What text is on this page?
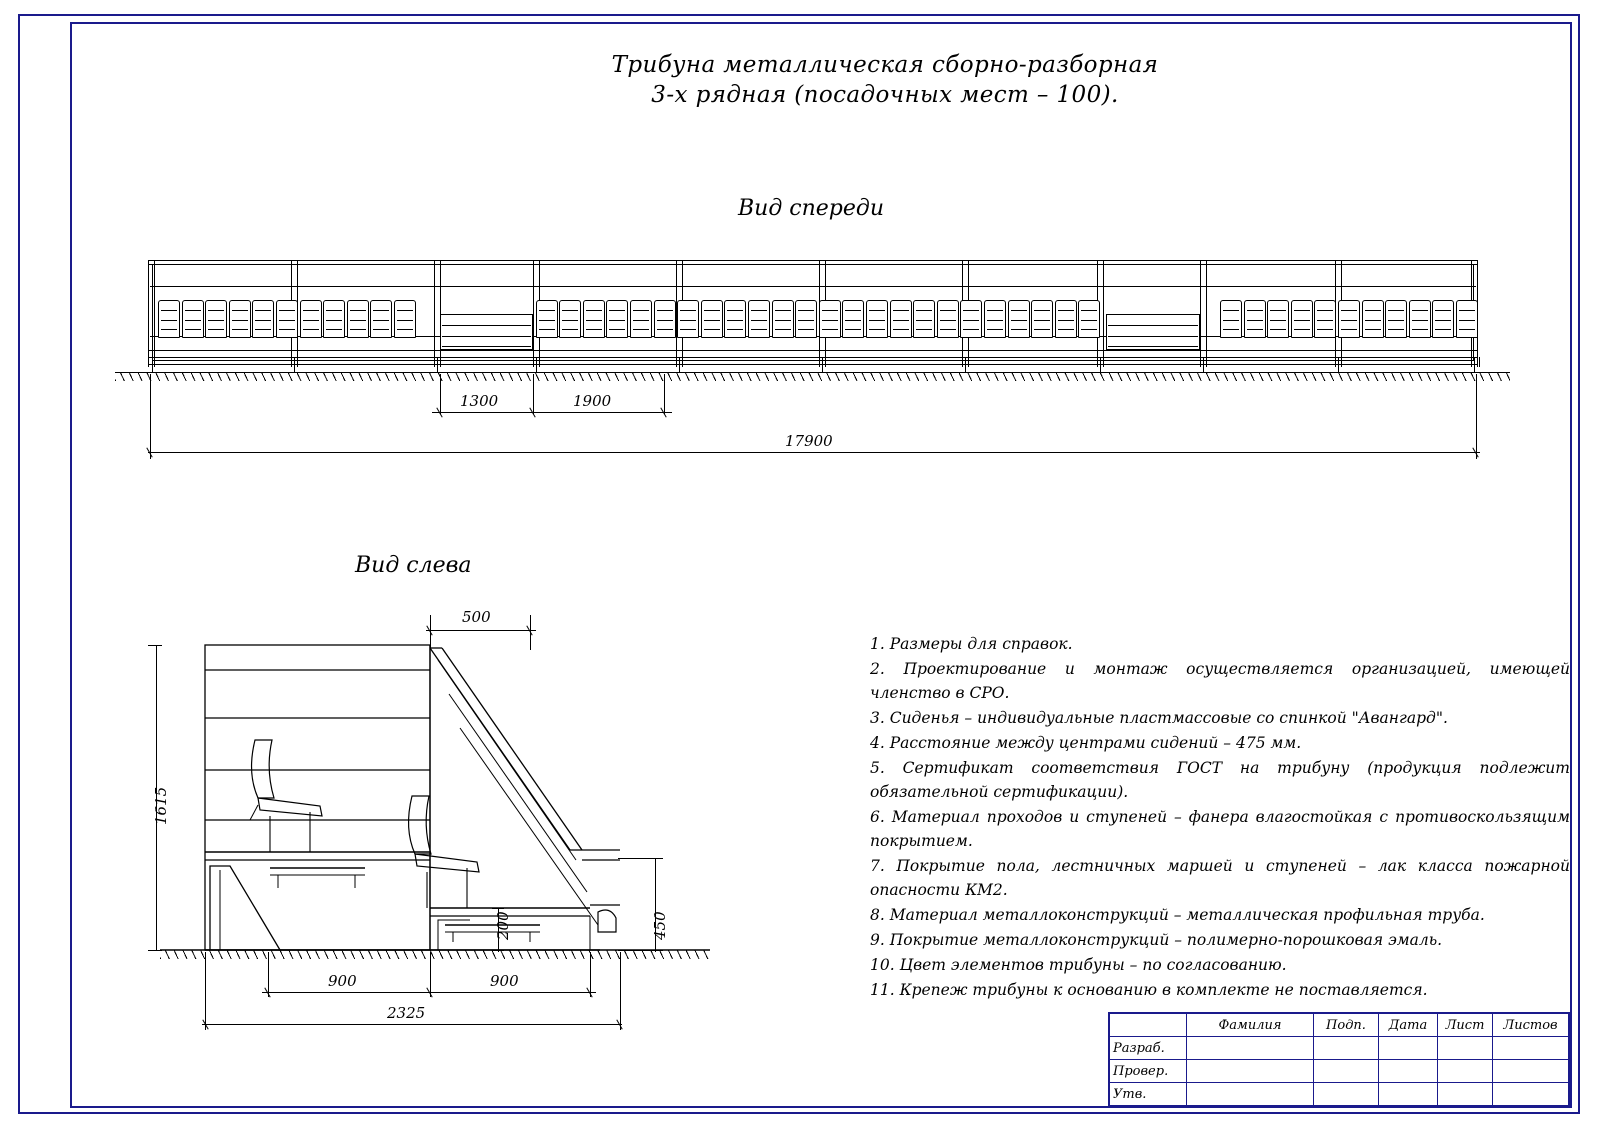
Трибуна металлическая сборно-разборная
3-х рядная (посадочных мест – 100).
Вид спереди
Вид слева
1300	1900
17900
500
1615
200	450
900	900
2325
1. Размеры для справок.
2. Проектирование и монтаж осуществляется организацией, имеющей членство в СРО.
3. Сиденья – индивидуальные пластмассовые со спинкой "Авангард".
4. Расстояние между центрами сидений – 475 мм.
5. Сертификат соответствия ГОСТ на трибуну (продукция подлежит обязательной сертификации).
6. Материал проходов и ступеней – фанера влагостойкая с противоскользящим покрытием.
7. Покрытие пола, лестничных маршей и ступеней – лак класса пожарной опасности КМ2.
8. Материал металлоконструкций – металлическая профильная труба.
9. Покрытие металлоконструкций – полимерно-порошковая эмаль.
10. Цвет элементов трибуны – по согласованию.
11. Крепеж трибуны к основанию в комплекте не поставляется.
	Фамилия	Подп.	Дата	Лист	Листов
Разраб.					
Провер.					
Утв.					
